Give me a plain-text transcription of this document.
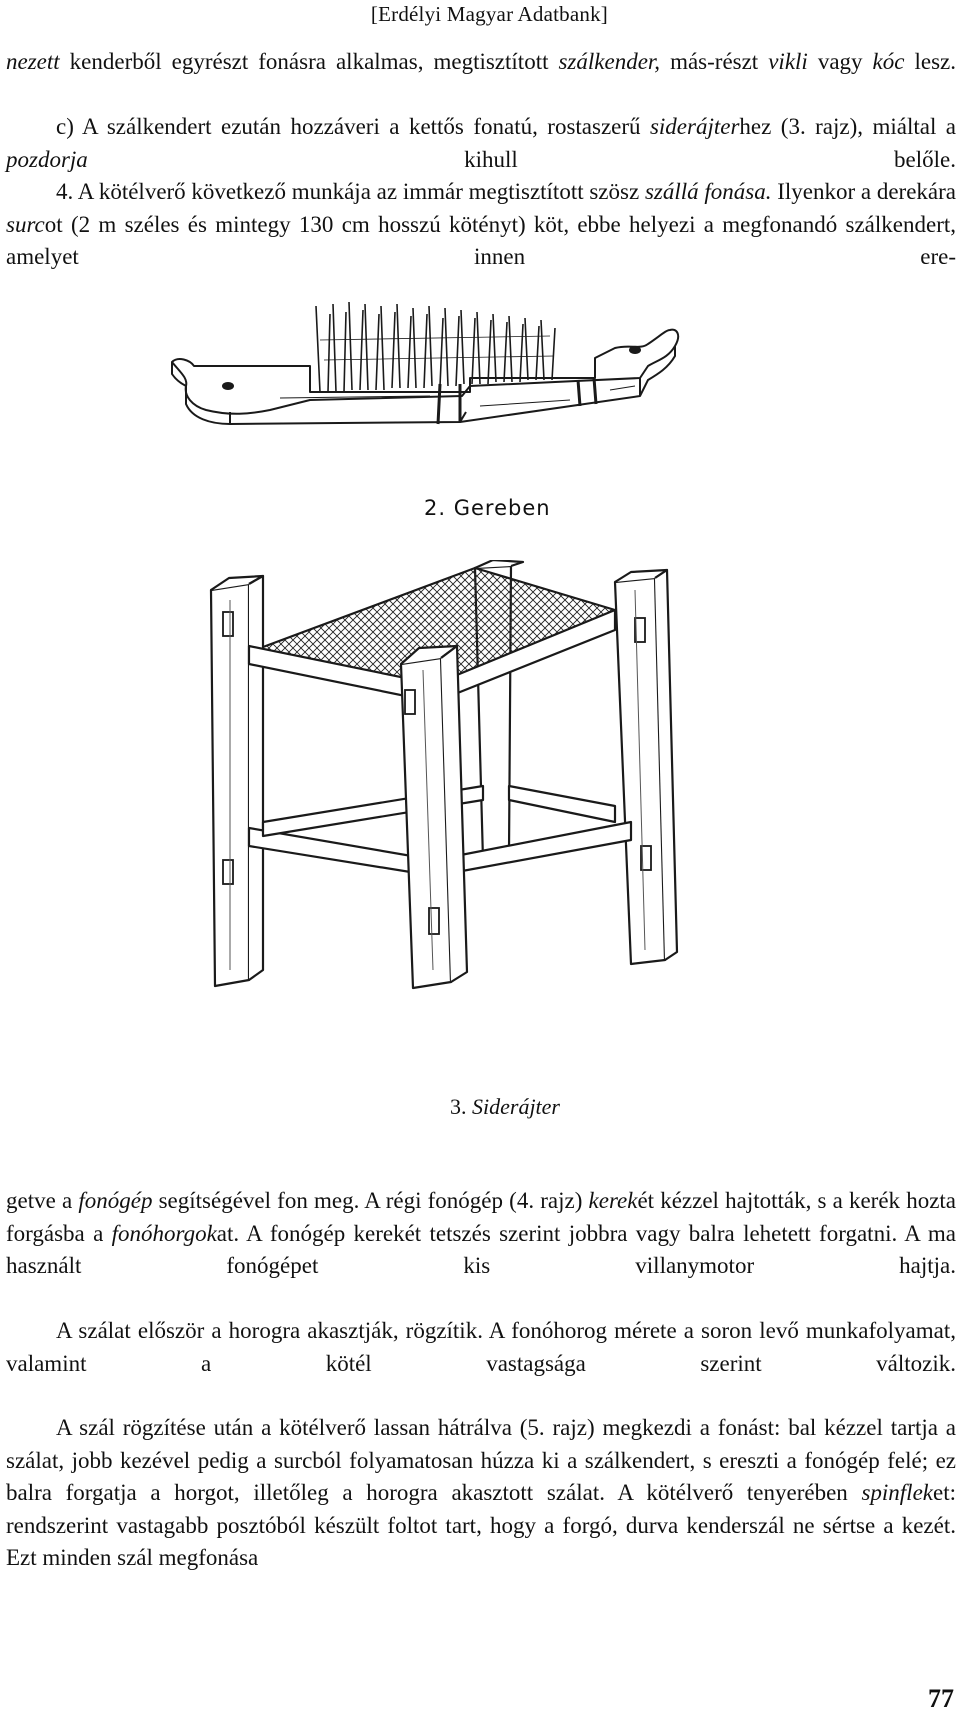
[Erdélyi Magyar Adatbank]

nezett kenderből egyrészt fonásra alkalmas, megtisztított szálkender, más-részt vikli vagy kóc lesz.

c) A szálkendert ezután hozzáveri a kettős fonatú, rostaszerű siderájterhez (3. rajz), miáltal a pozdorja kihull belőle.

4. A kötélverő következő munkája az immár megtisztított szösz szállá fonása. Ilyenkor a derekára surcot (2 m széles és mintegy 130 cm hosszú kötényt) köt, ebbe helyezi a megfonandó szálkendert, amelyet innen ere-

2. Gereben
3. Siderájter

getve a fonógép segítségével fon meg. A régi fonógép (4. rajz) kerekét kézzel hajtották, s a kerék hozta forgásba a fonóhorgokat. A fonógép kerekét tetszés szerint jobbra vagy balra lehetett forgatni. A ma használt fonógépet kis villanymotor hajtja.

A szálat először a horogra akasztják, rögzítik. A fonóhorog mérete a soron levő munkafolyamat, valamint a kötél vastagsága szerint változik.

A szál rögzítése után a kötélverő lassan hátrálva (5. rajz) megkezdi a fonást: bal kézzel tartja a szálat, jobb kezével pedig a surcból folyamatosan húzza ki a szálkendert, s ereszti a fonógép felé; ez balra forgatja a horgot, illetőleg a horogra akasztott szálat. A kötélverő tenyerében spinfleket: rendszerint vastagabb posztóból készült foltot tart, hogy a forgó, durva kenderszál ne sértse a kezét. Ezt minden szál megfonása

77
